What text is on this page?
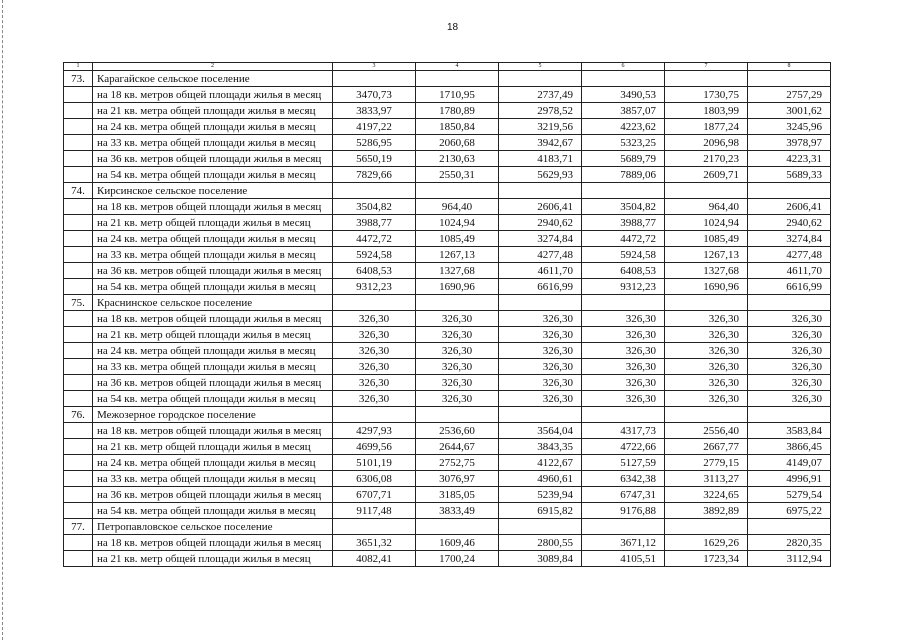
18
1	2	3	4	5	6	7	8
73.	Карагайское сельское поселение						
	на 18 кв. метров общей площади жилья в месяц	3470,73	1710,95	2737,49	3490,53	1730,75	2757,29
	на 21 кв. метра общей площади жилья в месяц	3833,97	1780,89	2978,52	3857,07	1803,99	3001,62
	на 24 кв. метра общей площади жилья в месяц	4197,22	1850,84	3219,56	4223,62	1877,24	3245,96
	на 33 кв. метра общей площади жилья в месяц	5286,95	2060,68	3942,67	5323,25	2096,98	3978,97
	на 36 кв. метров общей площади жилья в месяц	5650,19	2130,63	4183,71	5689,79	2170,23	4223,31
	на 54 кв. метра общей площади жилья в месяц	7829,66	2550,31	5629,93	7889,06	2609,71	5689,33
74.	Кирсинское сельское поселение						
	на 18 кв. метров общей площади жилья в месяц	3504,82	964,40	2606,41	3504,82	964,40	2606,41
	на 21 кв. метр общей площади жилья в месяц	3988,77	1024,94	2940,62	3988,77	1024,94	2940,62
	на 24 кв. метра общей площади жилья в месяц	4472,72	1085,49	3274,84	4472,72	1085,49	3274,84
	на 33 кв. метра общей площади жилья в месяц	5924,58	1267,13	4277,48	5924,58	1267,13	4277,48
	на 36 кв. метров общей площади жилья в месяц	6408,53	1327,68	4611,70	6408,53	1327,68	4611,70
	на 54 кв. метра общей площади жилья в месяц	9312,23	1690,96	6616,99	9312,23	1690,96	6616,99
75.	Краснинское сельское поселение						
	на 18 кв. метров общей площади жилья в месяц	326,30	326,30	326,30	326,30	326,30	326,30
	на 21 кв. метр общей площади жилья в месяц	326,30	326,30	326,30	326,30	326,30	326,30
	на 24 кв. метра общей площади жилья в месяц	326,30	326,30	326,30	326,30	326,30	326,30
	на 33 кв. метра общей площади жилья в месяц	326,30	326,30	326,30	326,30	326,30	326,30
	на 36 кв. метров общей площади жилья в месяц	326,30	326,30	326,30	326,30	326,30	326,30
	на 54 кв. метра общей площади жилья в месяц	326,30	326,30	326,30	326,30	326,30	326,30
76.	Межозерное городское поселение						
	на 18 кв. метров общей площади жилья в месяц	4297,93	2536,60	3564,04	4317,73	2556,40	3583,84
	на 21 кв. метр общей площади жилья в месяц	4699,56	2644,67	3843,35	4722,66	2667,77	3866,45
	на 24 кв. метра общей площади жилья в месяц	5101,19	2752,75	4122,67	5127,59	2779,15	4149,07
	на 33 кв. метра общей площади жилья в месяц	6306,08	3076,97	4960,61	6342,38	3113,27	4996,91
	на 36 кв. метров общей площади жилья в месяц	6707,71	3185,05	5239,94	6747,31	3224,65	5279,54
	на 54 кв. метра общей площади жилья в месяц	9117,48	3833,49	6915,82	9176,88	3892,89	6975,22
77.	Петропавловское сельское поселение						
	на 18 кв. метров общей площади жилья в месяц	3651,32	1609,46	2800,55	3671,12	1629,26	2820,35
	на 21 кв. метр общей площади жилья в месяц	4082,41	1700,24	3089,84	4105,51	1723,34	3112,94
